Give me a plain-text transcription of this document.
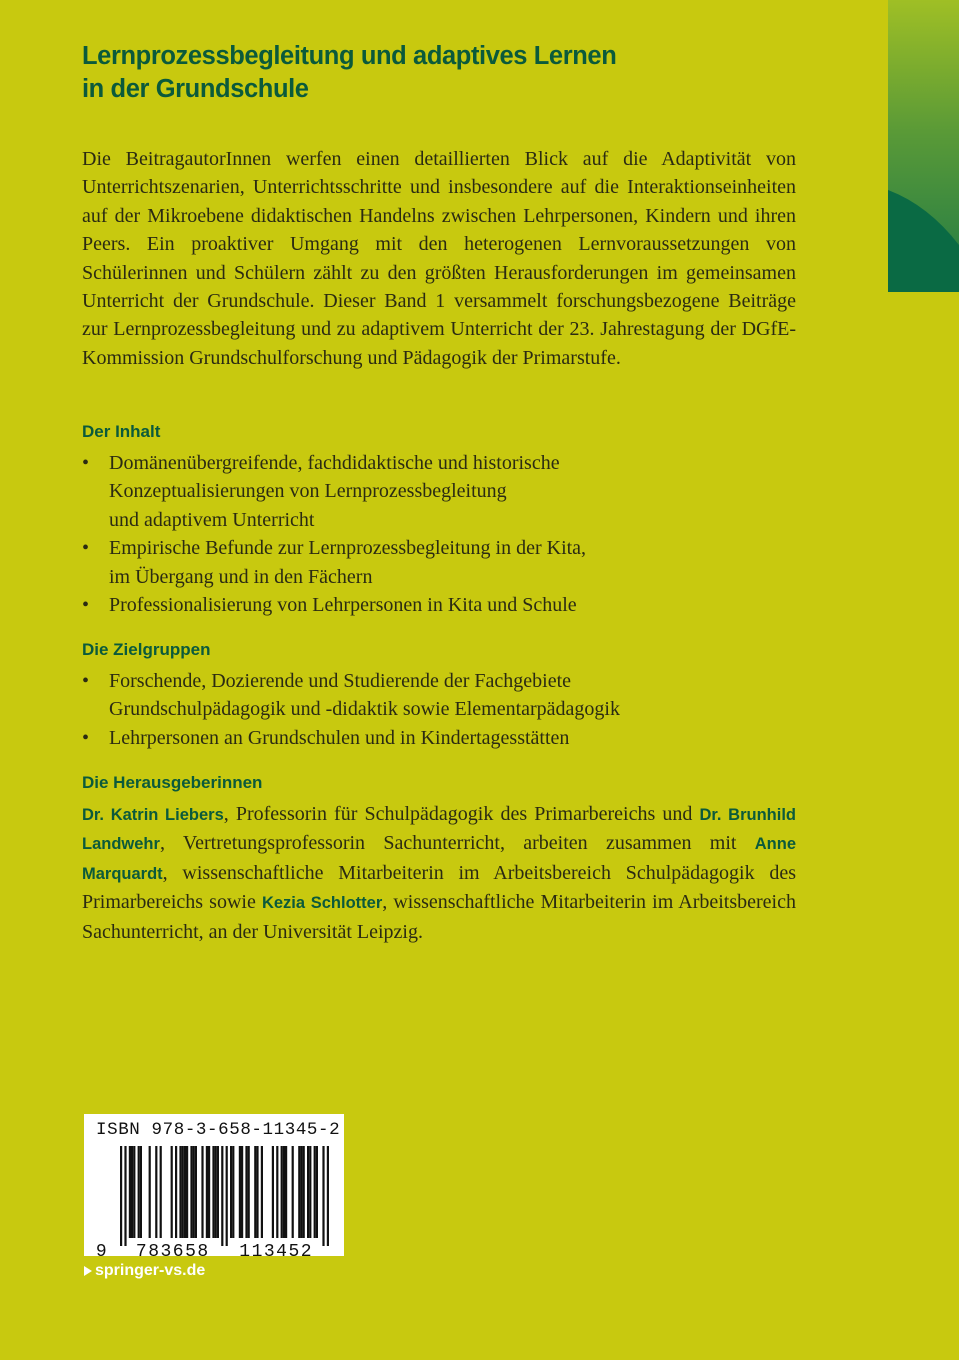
Lernprozessbegleitung und adaptives Lernen
in der Grundschule
Die BeitragautorInnen werfen einen detaillierten Blick auf die Adaptivität von Unterrichtszenarien, Unterrichtsschritte und insbesondere auf die Interaktionseinheiten auf der Mikroebene didaktischen Handelns zwischen Lehrpersonen, Kindern und ihren Peers. Ein proaktiver Umgang mit den heterogenen Lernvoraussetzungen von Schülerinnen und Schülern zählt zu den größten Herausforderungen im gemeinsamen Unterricht der Grundschule. Dieser Band 1 versammelt forschungsbezogene Beiträge zur Lernprozessbegleitung und zu adaptivem Unterricht der 23. Jahrestagung der DGfE-Kommission Grundschulforschung und Pädagogik der Primarstufe.
Der Inhalt
• Domänenübergreifende, fachdidaktische und historische
Konzeptualisierungen von Lernprozessbegleitung
und adaptivem Unterricht
• Empirische Befunde zur Lernprozessbegleitung in der Kita,
im Übergang und in den Fächern
• Professionalisierung von Lehrpersonen in Kita und Schule
Die Zielgruppen
• Forschende, Dozierende und Studierende der Fachgebiete
Grundschulpädagogik und -didaktik sowie Elementarpädagogik
• Lehrpersonen an Grundschulen und in Kindertagesstätten
Die Herausgeberinnen
Dr. Katrin Liebers, Professorin für Schulpädagogik des Primarbereichs und Dr. Brunhild Landwehr, Vertretungsprofessorin Sachunterricht, arbeiten zusammen mit Anne Marquardt, wissenschaftliche Mitarbeiterin im Arbeitsbereich Schulpädagogik des Primarbereichs sowie Kezia Schlotter, wissenschaftliche Mitarbeiterin im Arbeitsbereich Sachunterricht, an der Universität Leipzig.
ISBN 978-3-658-11345-2
9 783658 113452
springer-vs.de
